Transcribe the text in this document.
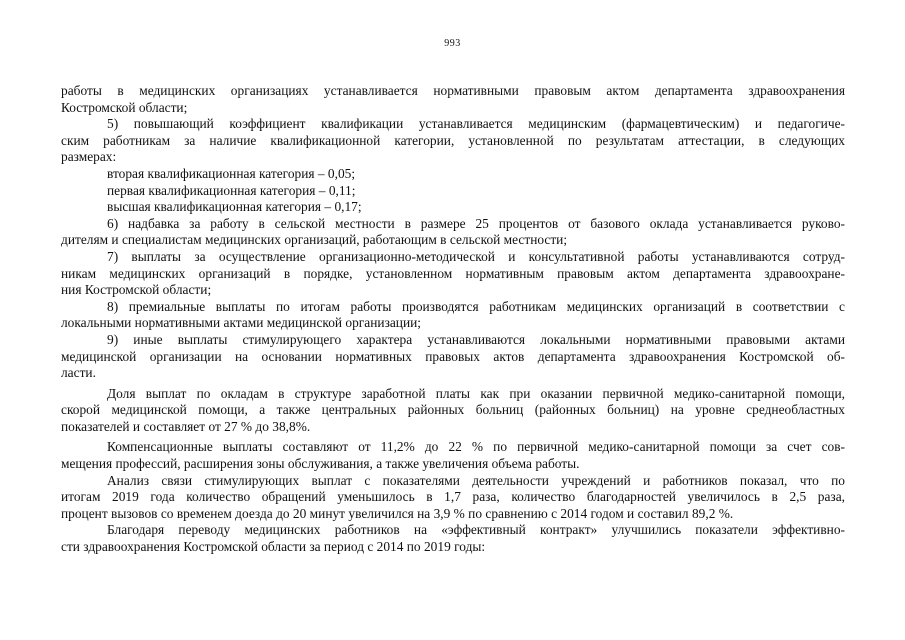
993
работы в медицинских организациях устанавливается нормативными правовым актом департамента здравоохранения
Костромской области;
5) повышающий коэффициент квалификации устанавливается медицинским (фармацевтическим) и педагогиче-
ским работникам за наличие квалификационной категории, установленной по результатам аттестации, в следующих
размерах:
вторая квалификационная категория – 0,05;
первая квалификационная категория – 0,11;
высшая квалификационная категория – 0,17;
6) надбавка за работу в сельской местности в размере 25 процентов от базового оклада устанавливается руково-
дителям и специалистам медицинских организаций, работающим в сельской местности;
7) выплаты за осуществление организационно-методической и консультативной работы устанавливаются сотруд-
никам медицинских организаций в порядке, установленном нормативным правовым актом департамента здравоохране-
ния Костромской области;
8) премиальные выплаты по итогам работы производятся работникам медицинских организаций в соответствии с
локальными нормативными актами медицинской организации;
9) иные выплаты стимулирующего характера устанавливаются локальными нормативными правовыми актами
медицинской организации на основании нормативных правовых актов департамента здравоохранения Костромской об-
ласти.
Доля выплат по окладам в структуре заработной платы как при оказании первичной медико-санитарной помощи,
скорой медицинской помощи, а также центральных районных больниц (районных больниц) на уровне среднеобластных
показателей и составляет от 27 % до 38,8%.
Компенсационные выплаты составляют от 11,2% до 22 % по первичной медико-санитарной помощи за счет сов-
мещения профессий, расширения зоны обслуживания, а также увеличения объема работы.
Анализ связи стимулирующих выплат с показателями деятельности учреждений и работников показал, что по
итогам 2019 года количество обращений уменьшилось в 1,7 раза, количество благодарностей увеличилось в 2,5 раза,
процент вызовов со временем доезда до 20 минут увеличился на 3,9 % по сравнению с 2014 годом и составил 89,2 %.
Благодаря переводу медицинских работников на «эффективный контракт» улучшились показатели эффективно-
сти здравоохранения Костромской области за период с 2014 по 2019 годы:
